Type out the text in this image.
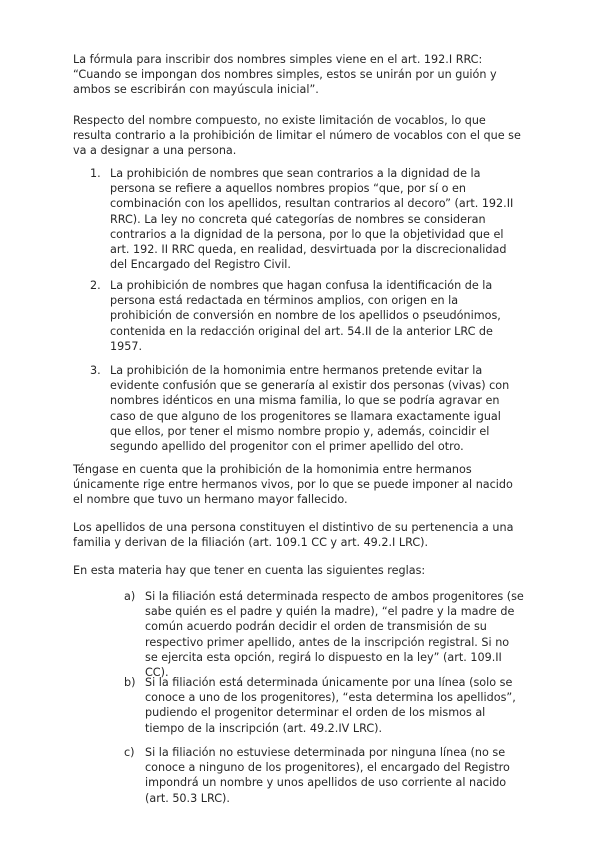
La fórmula para inscribir dos nombres simples viene en el art. 192.I RRC: “Cuando se impongan dos nombres simples, estos se unirán por un guión y ambos se escribirán con mayúscula inicial”.

Respecto del nombre compuesto, no existe limitación de vocablos, lo que resulta contrario a la prohibición de limitar el número de vocablos con el que se va a designar a una persona.

1. La prohibición de nombres que sean contrarios a la dignidad de la persona se refiere a aquellos nombres propios “que, por sí o en combinación con los apellidos, resultan contrarios al decoro” (art. 192.II RRC). La ley no concreta qué categorías de nombres se consideran contrarios a la dignidad de la persona, por lo que la objetividad que el art. 192. II RRC queda, en realidad, desvirtuada por la discrecionalidad del Encargado del Registro Civil.

2. La prohibición de nombres que hagan confusa la identificación de la persona está redactada en términos amplios, con origen en la prohibición de conversión en nombre de los apellidos o pseudónimos, contenida en la redacción original del art. 54.II de la anterior LRC de 1957.

3. La prohibición de la homonimia entre hermanos pretende evitar la evidente confusión que se generaría al existir dos personas (vivas) con nombres idénticos en una misma familia, lo que se podría agravar en caso de que alguno de los progenitores se llamara exactamente igual que ellos, por tener el mismo nombre propio y, además, coincidir el segundo apellido del progenitor con el primer apellido del otro.

Téngase en cuenta que la prohibición de la homonimia entre hermanos únicamente rige entre hermanos vivos, por lo que se puede imponer al nacido el nombre que tuvo un hermano mayor fallecido.

Los apellidos de una persona constituyen el distintivo de su pertenencia a una familia y derivan de la filiación (art. 109.1 CC y art. 49.2.I LRC).

En esta materia hay que tener en cuenta las siguientes reglas:

a) Si la filiación está determinada respecto de ambos progenitores (se sabe quién es el padre y quién la madre), “el padre y la madre de común acuerdo podrán decidir el orden de transmisión de su respectivo primer apellido, antes de la inscripción registral. Si no se ejercita esta opción, regirá lo dispuesto en la ley” (art. 109.II CC).

b) Si la filiación está determinada únicamente por una línea (solo se conoce a uno de los progenitores), “esta determina los apellidos”, pudiendo el progenitor determinar el orden de los mismos al tiempo de la inscripción (art. 49.2.IV LRC).

c) Si la filiación no estuviese determinada por ninguna línea (no se conoce a ninguno de los progenitores), el encargado del Registro impondrá un nombre y unos apellidos de uso corriente al nacido (art. 50.3 LRC).
